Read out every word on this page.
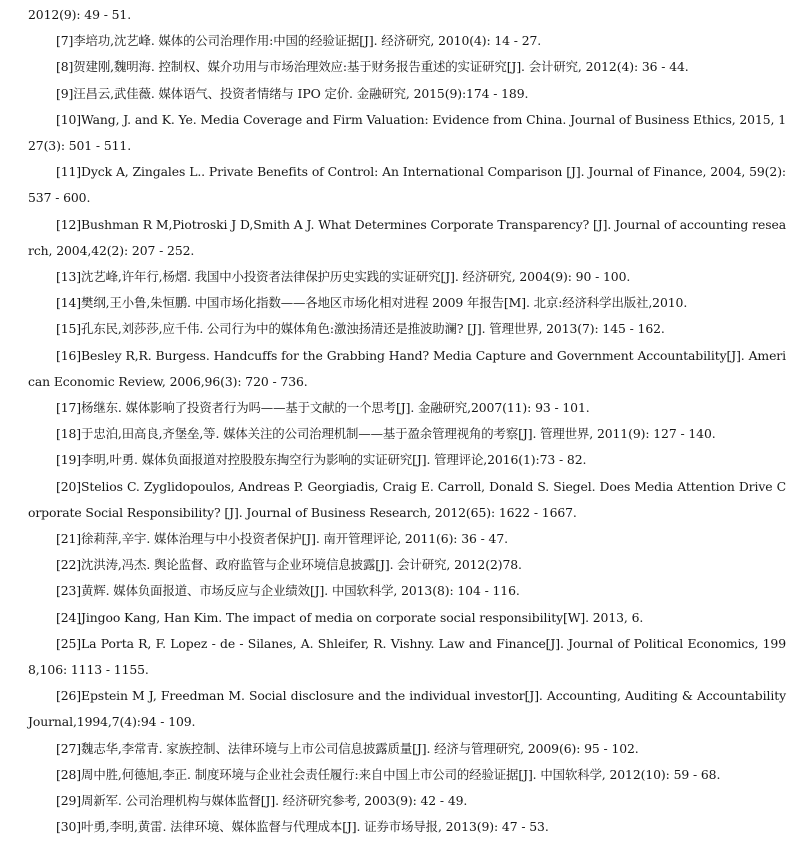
2012(9): 49 - 51.

[7]李培功,沈艺峰. 媒体的公司治理作用:中国的经验证据[J]. 经济研究, 2010(4): 14 - 27.

[8]贺建刚,魏明海. 控制权、媒介功用与市场治理效应:基于财务报告重述的实证研究[J]. 会计研究, 2012(4): 36 - 44.

[9]汪昌云,武佳薇. 媒体语气、投资者情绪与 IPO 定价. 金融研究, 2015(9):174 - 189.

[10]Wang, J. and K. Ye. Media Coverage and Firm Valuation: Evidence from China. Journal of Business Ethics, 2015, 127(3): 501 - 511.

[11]Dyck A, Zingales L.. Private Benefits of Control: An International Comparison [J]. Journal of Finance, 2004, 59(2): 537 - 600.

[12]Bushman R M,Piotroski J D,Smith A J. What Determines Corporate Transparency? [J]. Journal of accounting research, 2004,42(2): 207 - 252.

[13]沈艺峰,许年行,杨熠. 我国中小投资者法律保护历史实践的实证研究[J]. 经济研究, 2004(9): 90 - 100.

[14]樊纲,王小鲁,朱恒鹏. 中国市场化指数——各地区市场化相对进程 2009 年报告[M]. 北京:经济科学出版社,2010.

[15]孔东民,刘莎莎,应千伟. 公司行为中的媒体角色:激浊扬清还是推波助澜? [J]. 管理世界, 2013(7): 145 - 162.

[16]Besley R,R. Burgess. Handcuffs for the Grabbing Hand? Media Capture and Government Accountability[J]. American Economic Review, 2006,96(3): 720 - 736.

[17]杨继东. 媒体影响了投资者行为吗——基于文献的一个思考[J]. 金融研究,2007(11): 93 - 101.

[18]于忠泊,田高良,齐堡垒,等. 媒体关注的公司治理机制——基于盈余管理视角的考察[J]. 管理世界, 2011(9): 127 - 140.

[19]李明,叶勇. 媒体负面报道对控股股东掏空行为影响的实证研究[J]. 管理评论,2016(1):73 - 82.

[20]Stelios C. Zyglidopoulos, Andreas P. Georgiadis, Craig E. Carroll, Donald S. Siegel. Does Media Attention Drive Corporate Social Responsibility? [J]. Journal of Business Research, 2012(65): 1622 - 1667.

[21]徐莉萍,辛宇. 媒体治理与中小投资者保护[J]. 南开管理评论, 2011(6): 36 - 47.

[22]沈洪涛,冯杰. 舆论监督、政府监管与企业环境信息披露[J]. 会计研究, 2012(2)78.

[23]黄辉. 媒体负面报道、市场反应与企业绩效[J]. 中国软科学, 2013(8): 104 - 116.

[24]Jingoo Kang, Han Kim. The impact of media on corporate social responsibility[W]. 2013, 6.

[25]La Porta R, F. Lopez - de - Silanes, A. Shleifer, R. Vishny. Law and Finance[J]. Journal of Political Economics, 1998,106: 1113 - 1155.

[26]Epstein M J, Freedman M. Social disclosure and the individual investor[J]. Accounting, Auditing & Accountability Journal,1994,7(4):94 - 109.

[27]魏志华,李常青. 家族控制、法律环境与上市公司信息披露质量[J]. 经济与管理研究, 2009(6): 95 - 102.

[28]周中胜,何德旭,李正. 制度环境与企业社会责任履行:来自中国上市公司的经验证据[J]. 中国软科学, 2012(10): 59 - 68.

[29]周新军. 公司治理机构与媒体监督[J]. 经济研究参考, 2003(9): 42 - 49.

[30]叶勇,李明,黄雷. 法律环境、媒体监督与代理成本[J]. 证券市场导报, 2013(9): 47 - 53.
